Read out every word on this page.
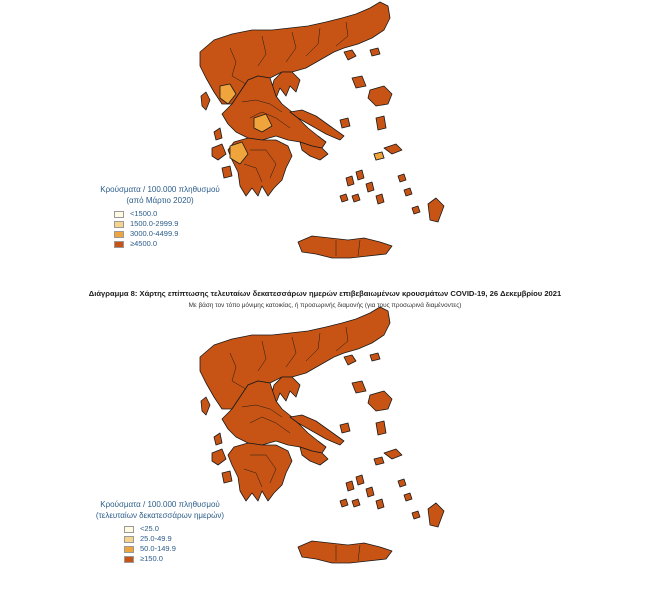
Κρούσματα / 100.000 πληθυσμού
(από Μάρτιο 2020)
<1500.0
1500.0-2999.9
3000.0-4499.9
≥4500.0
Διάγραμμα 8: Χάρτης επίπτωσης τελευταίων δεκατεσσάρων ημερών επιβεβαιωμένων κρουσμάτων COVID-19, 26 Δεκεμβρίου 2021
Με βάση τον τόπο μόνιμης κατοικίας, ή προσωρινής διαμονής (για τους προσωρινά διαμένοντες)
Κρούσματα / 100.000 πληθυσμού
(τελευταίων δεκατεσσάρων ημερών)
<25.0
25.0-49.9
50.0-149.9
≥150.0
